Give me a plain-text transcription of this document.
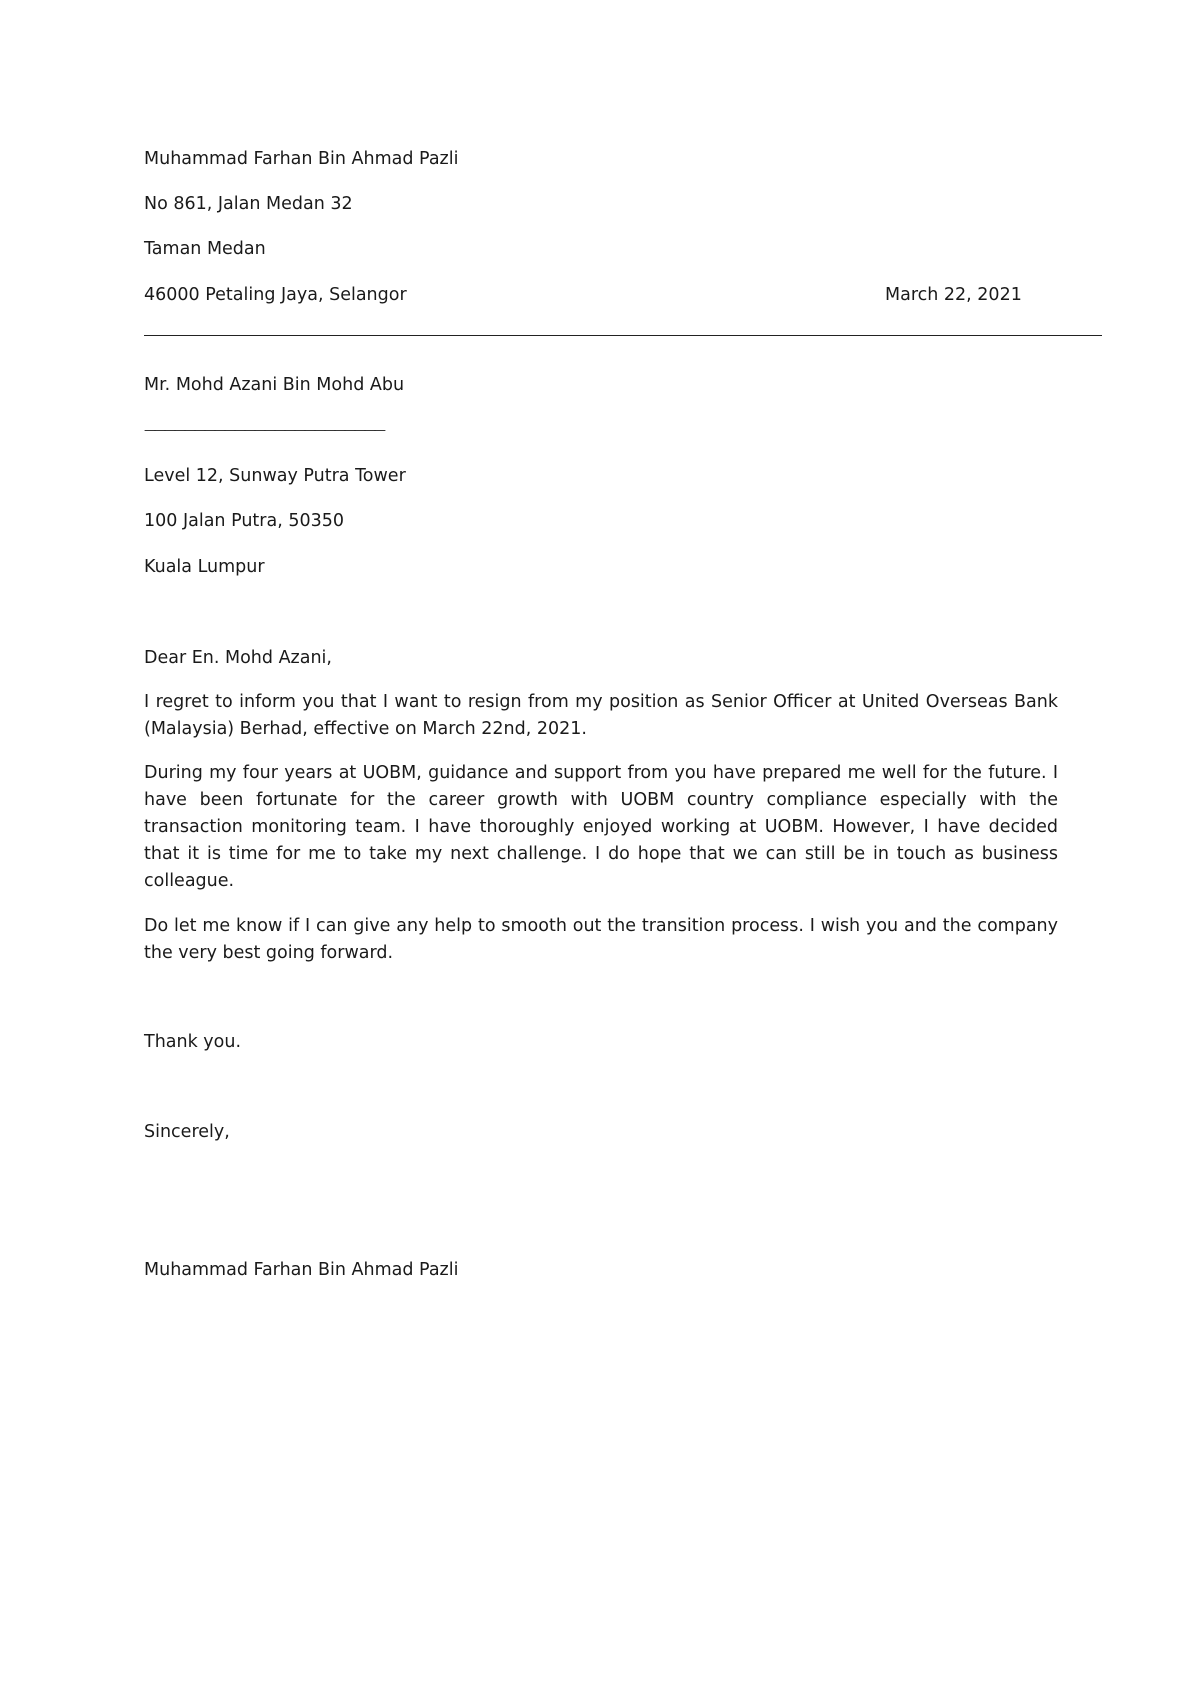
Muhammad Farhan Bin Ahmad Pazli
No 861, Jalan Medan 32
Taman Medan
46000 Petaling Jaya, Selangor	March 22, 2021
Mr. Mohd Azani Bin Mohd Abu
————————————————————————
Level 12, Sunway Putra Tower
100 Jalan Putra, 50350
Kuala Lumpur
Dear En. Mohd Azani,
I regret to inform you that I want to resign from my position as Senior Officer at United Overseas Bank (Malaysia) Berhad, effective on March 22nd, 2021.
During my four years at UOBM, guidance and support from you have prepared me well for the future. I have been fortunate for the career growth with UOBM country compliance especially with the transaction monitoring team. I have thoroughly enjoyed working at UOBM. However, I have decided that it is time for me to take my next challenge. I do hope that we can still be in touch as business colleague.
Do let me know if I can give any help to smooth out the transition process. I wish you and the company the very best going forward.
Thank you.
Sincerely,
Muhammad Farhan Bin Ahmad Pazli
